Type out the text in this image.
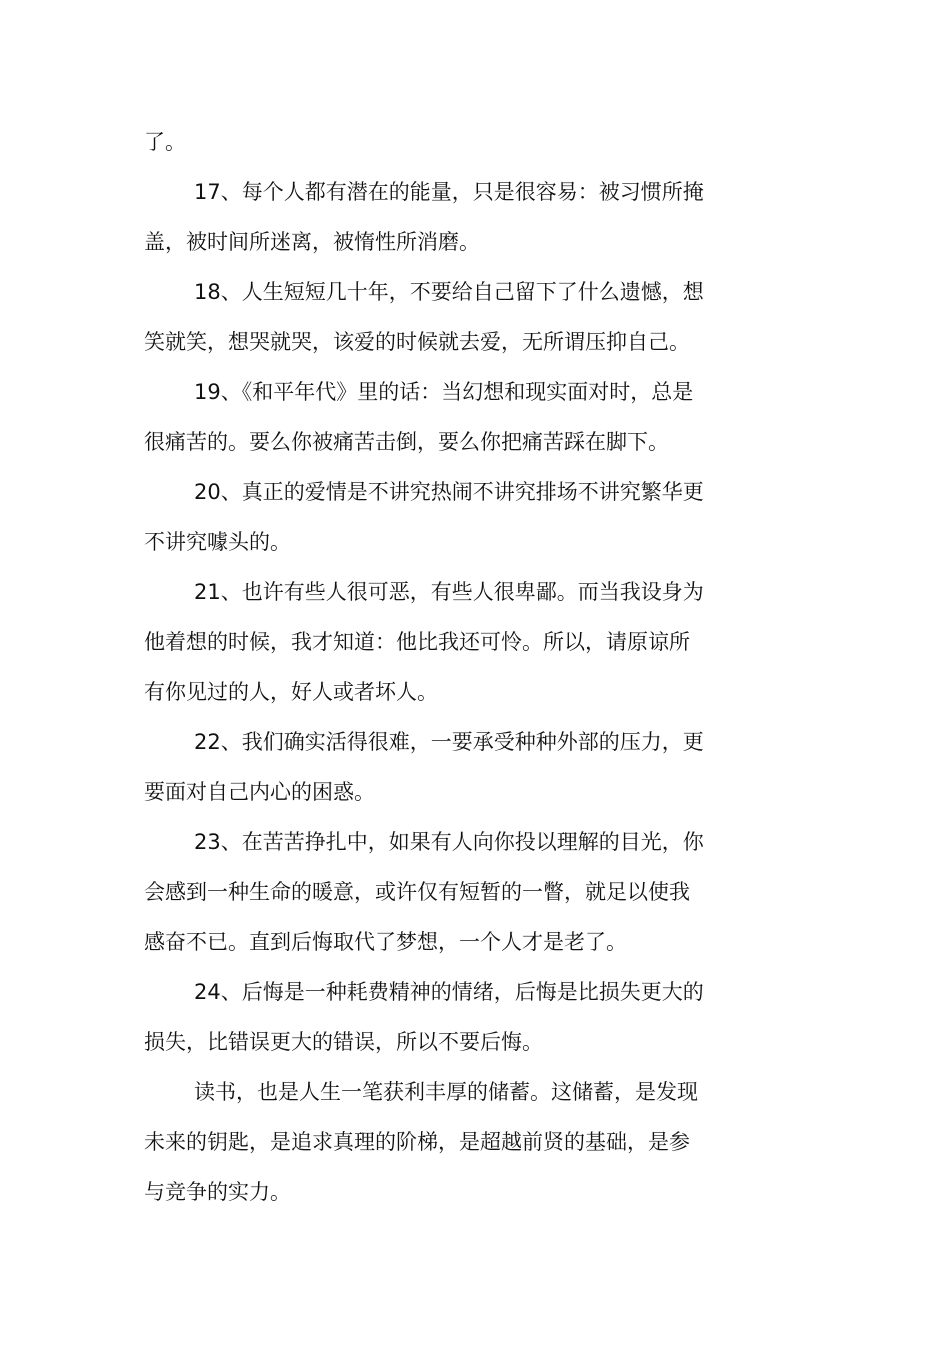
了。
17、每个人都有潜在的能量，只是很容易：被习惯所掩
盖，被时间所迷离，被惰性所消磨。
18、人生短短几十年，不要给自己留下了什么遗憾，想
笑就笑，想哭就哭，该爱的时候就去爱，无所谓压抑自己。
19、《和平年代》里的话：当幻想和现实面对时，总是
很痛苦的。要么你被痛苦击倒，要么你把痛苦踩在脚下。
20、真正的爱情是不讲究热闹不讲究排场不讲究繁华更
不讲究噱头的。
21、也许有些人很可恶，有些人很卑鄙。而当我设身为
他着想的时候，我才知道：他比我还可怜。所以，请原谅所
有你见过的人，好人或者坏人。
22、我们确实活得很难，一要承受种种外部的压力，更
要面对自己内心的困惑。
23、在苦苦挣扎中，如果有人向你投以理解的目光，你
会感到一种生命的暖意，或许仅有短暂的一瞥，就足以使我
感奋不已。直到后悔取代了梦想，一个人才是老了。
24、后悔是一种耗费精神的情绪，后悔是比损失更大的
损失，比错误更大的错误，所以不要后悔。
读书，也是人生一笔获利丰厚的储蓄。这储蓄，是发现
未来的钥匙，是追求真理的阶梯，是超越前贤的基础，是参
与竞争的实力。
